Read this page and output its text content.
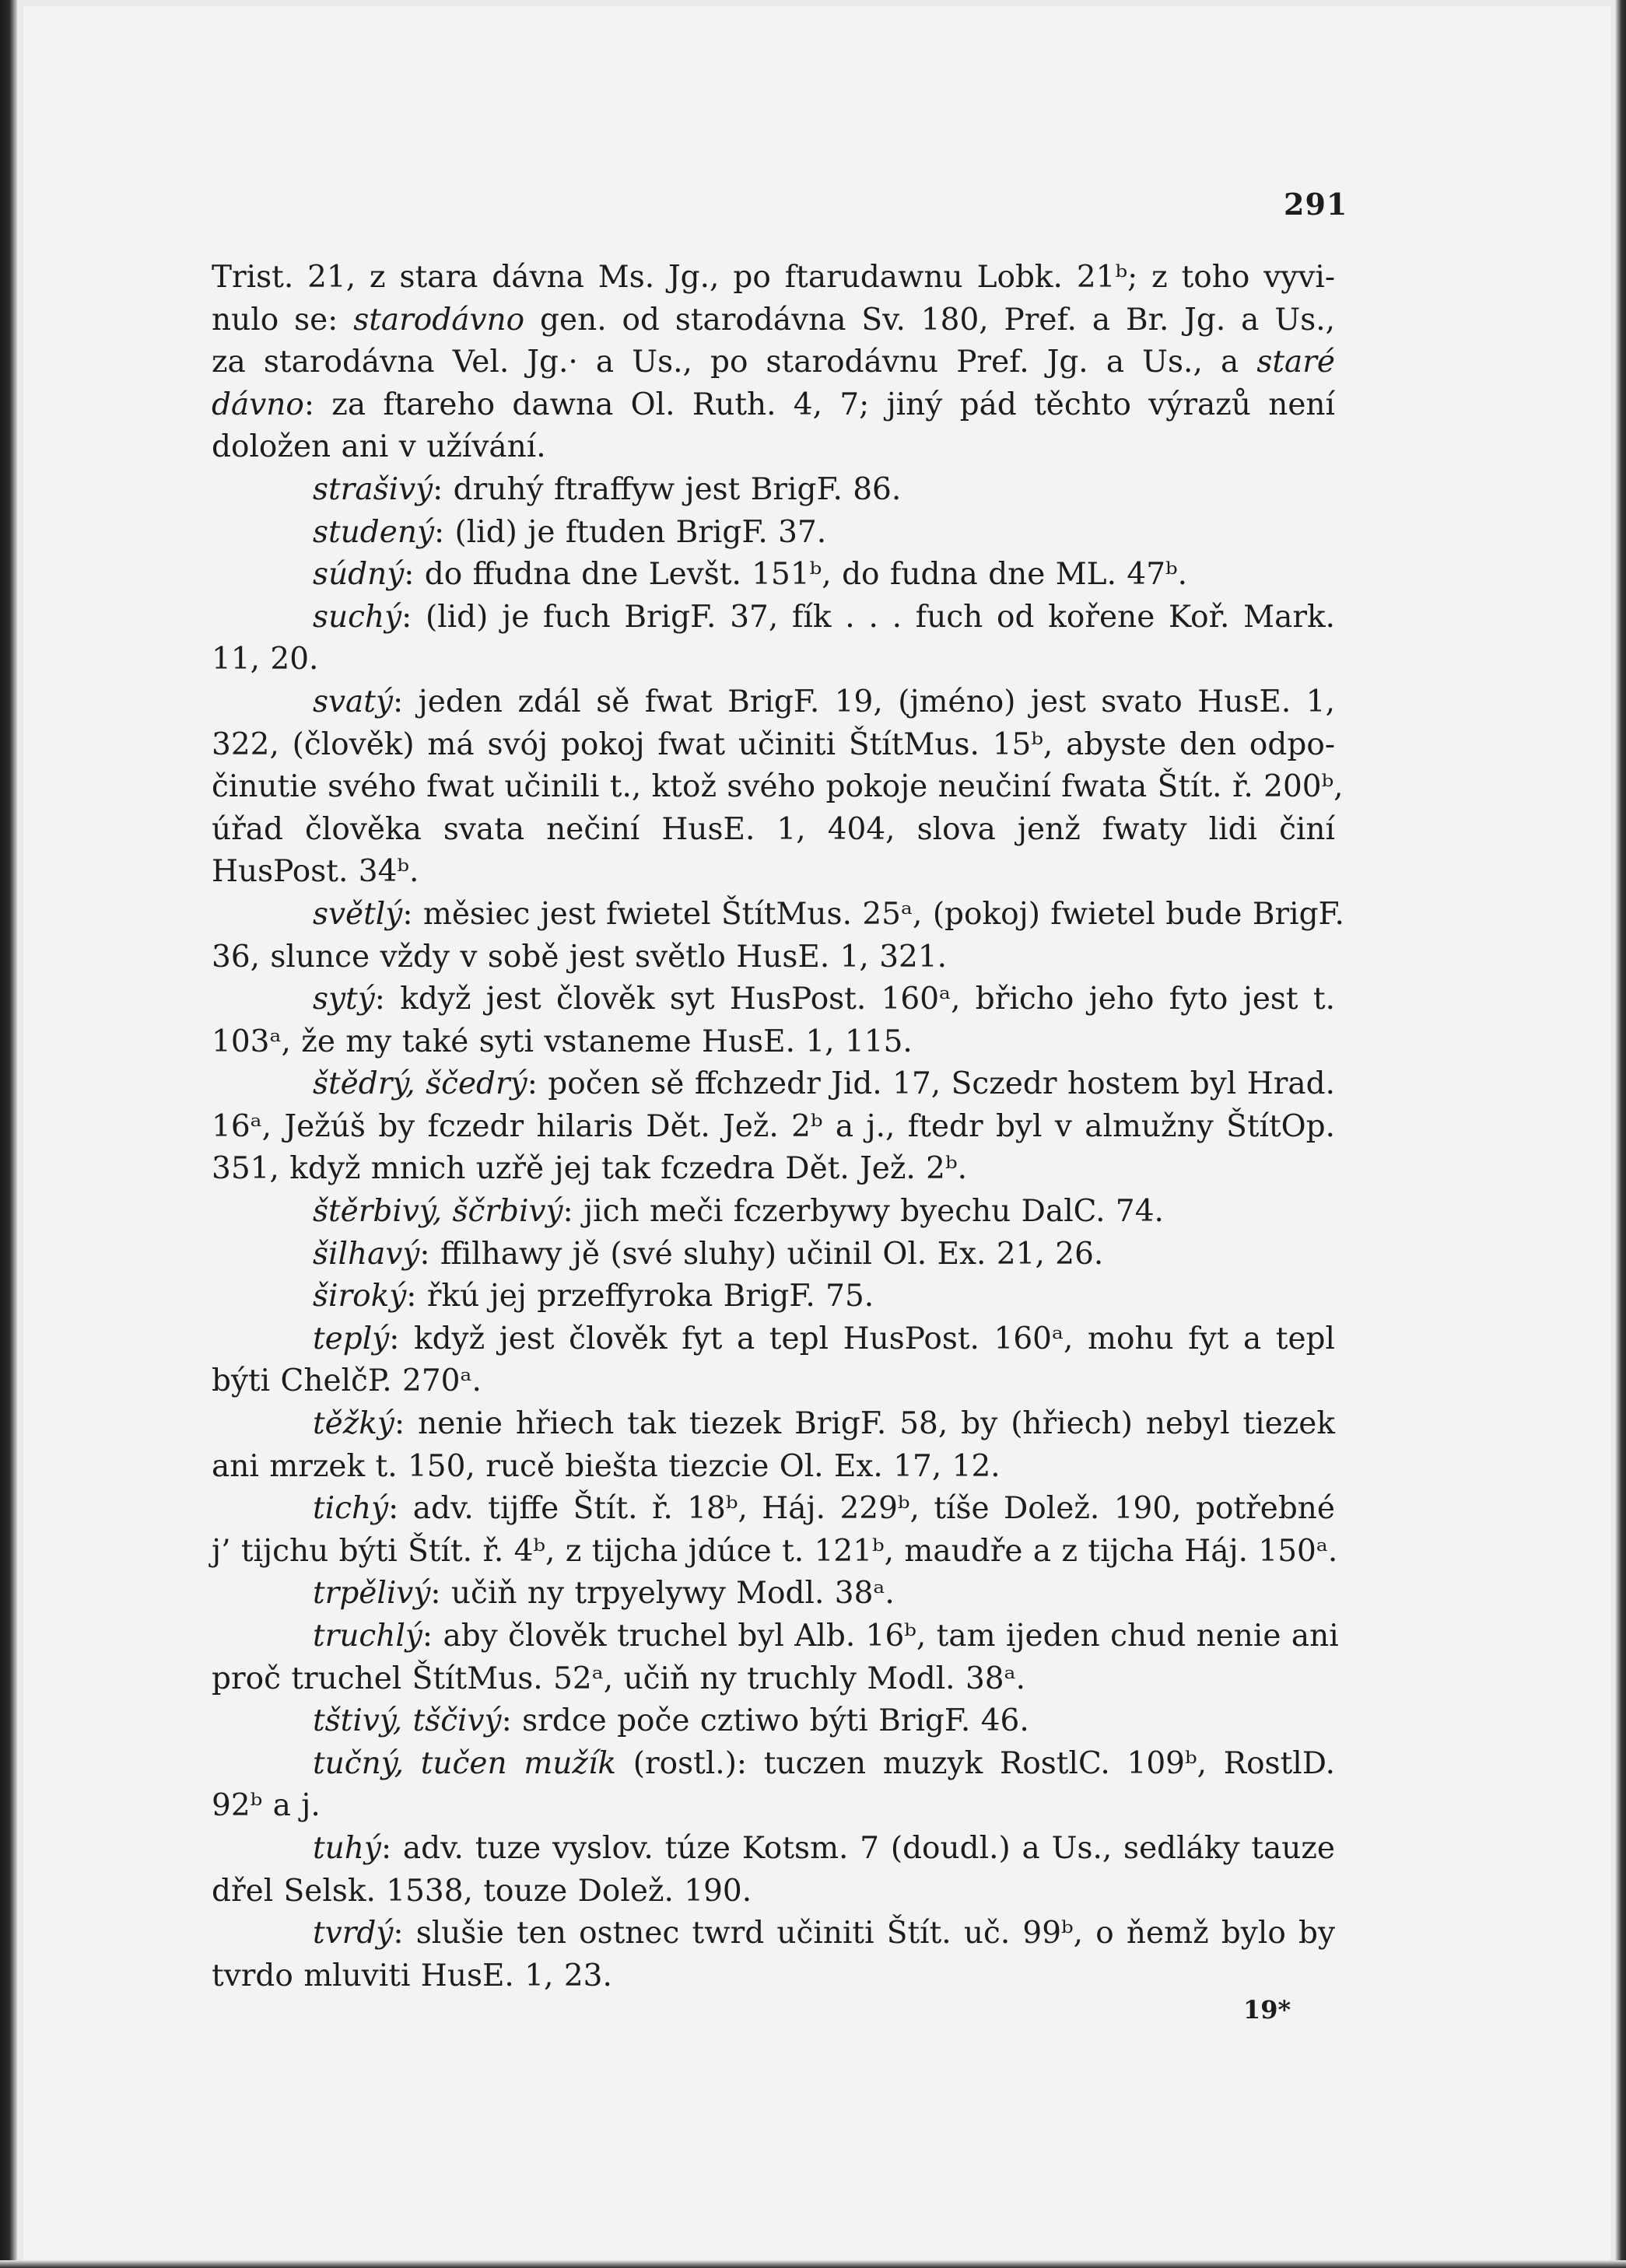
291
Trist. 21, z stara dávna Ms. Jg., po ftarudawnu Lobk. 21ᵇ; z toho vyvi-
nulo se: starodávno gen. od starodávna Sv. 180, Pref. a Br. Jg. a Us.,
za starodávna Vel. Jg.· a Us., po starodávnu Pref. Jg. a Us., a staré
dávno: za ftareho dawna Ol. Ruth. 4, 7; jiný pád těchto výrazů není
doložen ani v užívání.
strašivý: druhý ftraffyw jest BrigF. 86.
studený: (lid) je ftuden BrigF. 37.
súdný: do ffudna dne Levšt. 151ᵇ, do fudna dne ML. 47ᵇ.
suchý: (lid) je fuch BrigF. 37, fík . . . fuch od kořene Koř. Mark.
11, 20.
svatý: jeden zdál sě fwat BrigF. 19, (jméno) jest svato HusE. 1,
322, (člověk) má svój pokoj fwat učiniti ŠtítMus. 15ᵇ, abyste den odpo-
činutie svého fwat učinili t., ktož svého pokoje neučiní fwata Štít. ř. 200ᵇ,
úřad člověka svata nečiní HusE. 1, 404, slova jenž fwaty lidi činí
HusPost. 34ᵇ.
světlý: měsiec jest fwietel ŠtítMus. 25ᵃ, (pokoj) fwietel bude BrigF.
36, slunce vždy v sobě jest světlo HusE. 1, 321.
sytý: když jest člověk syt HusPost. 160ᵃ, břicho jeho fyto jest t.
103ᵃ, že my také syti vstaneme HusE. 1, 115.
štědrý, ščedrý: počen sě ffchzedr Jid. 17, Sczedr hostem byl Hrad.
16ᵃ, Ježúš by fczedr hilaris Dět. Jež. 2ᵇ a j., ftedr byl v almužny ŠtítOp.
351, když mnich uzřě jej tak fczedra Dět. Jež. 2ᵇ.
štěrbivý, ščrbivý: jich meči fczerbywy byechu DalC. 74.
šilhavý: ffilhawy jě (své sluhy) učinil Ol. Ex. 21, 26.
široký: řkú jej przeffyroka BrigF. 75.
teplý: když jest člověk fyt a tepl HusPost. 160ᵃ, mohu fyt a tepl
býti ChelčP. 270ᵃ.
těžký: nenie hřiech tak tiezek BrigF. 58, by (hřiech) nebyl tiezek
ani mrzek t. 150, rucě biešta tiezcie Ol. Ex. 17, 12.
tichý: adv. tijffe Štít. ř. 18ᵇ, Háj. 229ᵇ, tíše Dolež. 190, potřebné
j’ tijchu býti Štít. ř. 4ᵇ, z tijcha jdúce t. 121ᵇ, maudře a z tijcha Háj. 150ᵃ.
trpělivý: učiň ny trpyelywy Modl. 38ᵃ.
truchlý: aby člověk truchel byl Alb. 16ᵇ, tam ijeden chud nenie ani
proč truchel ŠtítMus. 52ᵃ, učiň ny truchly Modl. 38ᵃ.
tštivý, tščivý: srdce poče cztiwo býti BrigF. 46.
tučný, tučen mužík (rostl.): tuczen muzyk RostlC. 109ᵇ, RostlD.
92ᵇ a j.
tuhý: adv. tuze vyslov. túze Kotsm. 7 (doudl.) a Us., sedláky tauze
dřel Selsk. 1538, touze Dolež. 190.
tvrdý: slušie ten ostnec twrd učiniti Štít. uč. 99ᵇ, o ňemž bylo by
tvrdo mluviti HusE. 1, 23.
19*
